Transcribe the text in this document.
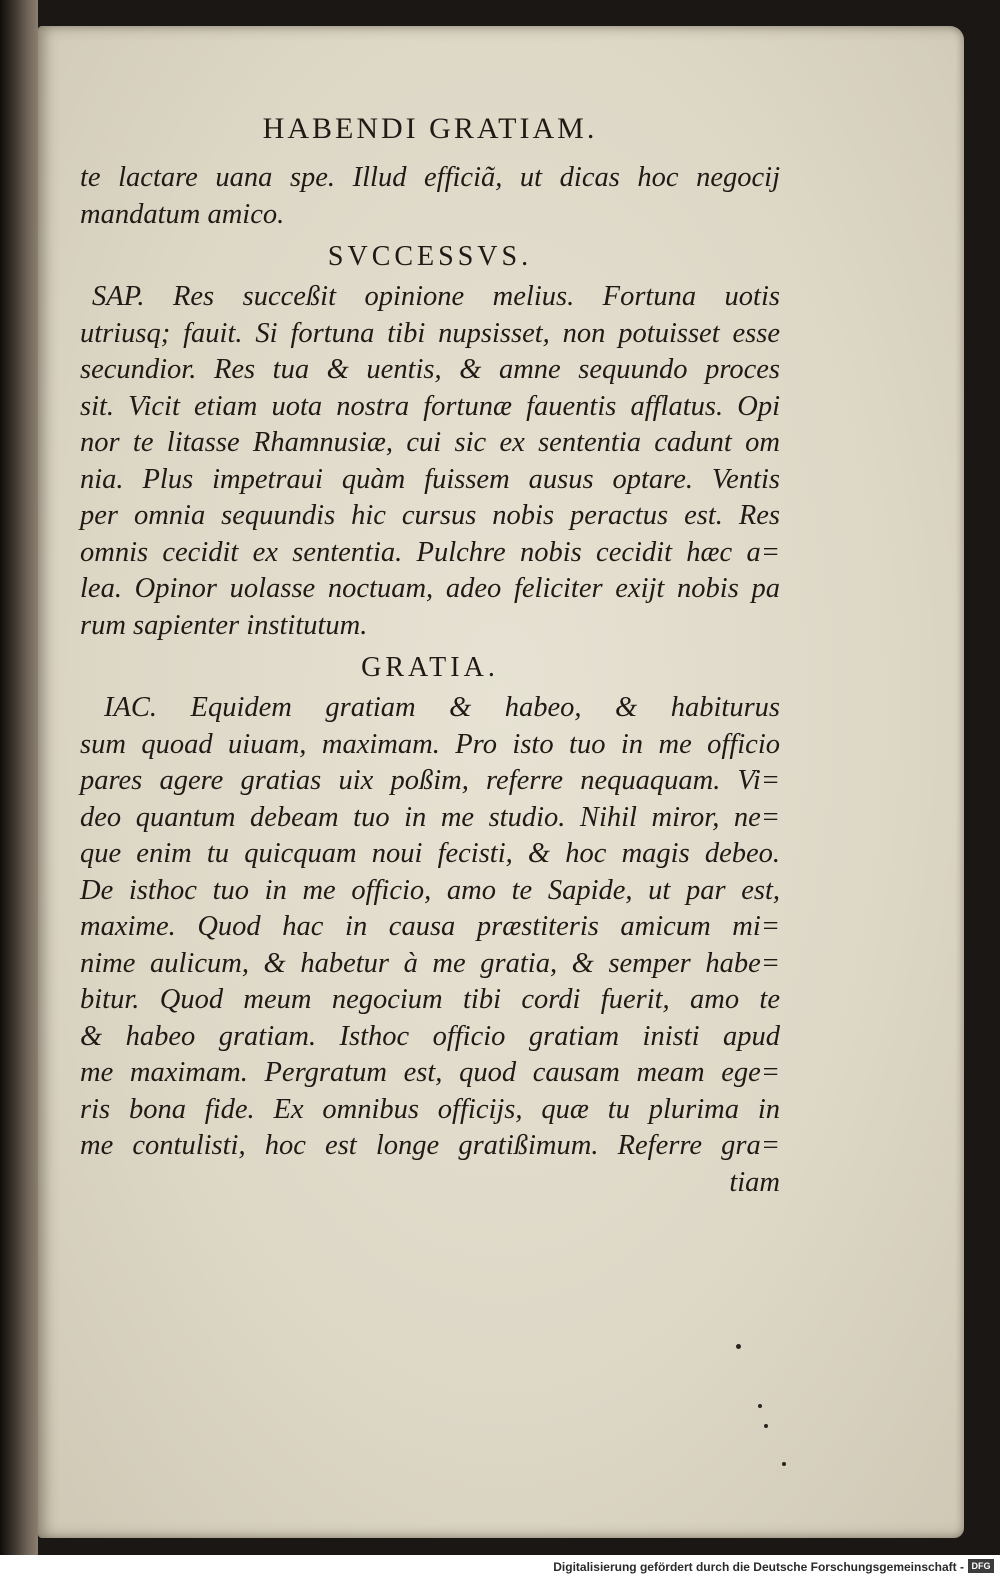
HABENDI GRATIAM.
te lactare uana spe. Illud efficiã, ut dicas hoc negocij
mandatum amico.
SVCCESSVS.
SAP. Res succeßit opinione melius. Fortuna uotis
utriusq; fauit. Si fortuna tibi nupsisset, non potuisset esse
secundior. Res tua & uentis, & amne sequundo proces
sit. Vicit etiam uota nostra fortunæ fauentis afflatus. Opi
nor te litasse Rhamnusiæ, cui sic ex sententia cadunt om
nia. Plus impetraui quàm fuissem ausus optare. Ventis
per omnia sequundis hic cursus nobis peractus est. Res
omnis cecidit ex sententia. Pulchre nobis cecidit hæc a=
lea. Opinor uolasse noctuam, adeo feliciter exijt nobis pa
rum sapienter institutum.
GRATIA.
IAC. Equidem gratiam & habeo, & habiturus
sum quoad uiuam, maximam. Pro isto tuo in me officio
pares agere gratias uix poßim, referre nequaquam. Vi=
deo quantum debeam tuo in me studio. Nihil miror, ne=
que enim tu quicquam noui fecisti, & hoc magis debeo.
De isthoc tuo in me officio, amo te Sapide, ut par est,
maxime. Quod hac in causa præstiteris amicum mi=
nime aulicum, & habetur à me gratia, & semper habe=
bitur. Quod meum negocium tibi cordi fuerit, amo te
& habeo gratiam. Isthoc officio gratiam inisti apud
me maximam. Pergratum est, quod causam meam ege=
ris bona fide. Ex omnibus officijs, quæ tu plurima in
me contulisti, hoc est longe gratißimum. Referre gra=
tiam
Digitalisierung gefördert durch die Deutsche Forschungsgemeinschaft - DFG
